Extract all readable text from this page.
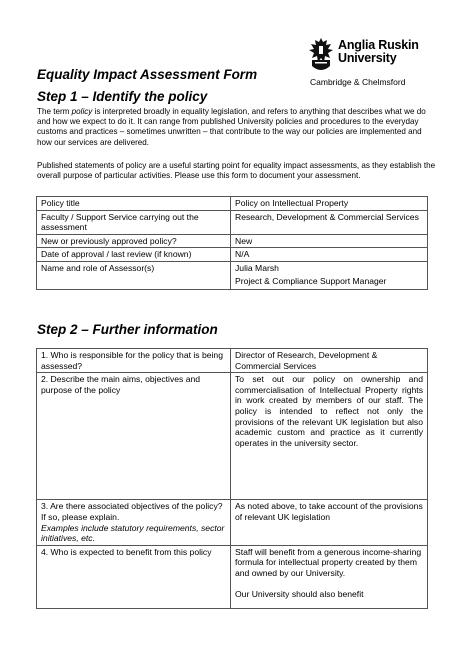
Anglia Ruskin
University
Cambridge & Chelmsford
Equality Impact Assessment Form
Step 1 – Identify the policy
The term policy is interpreted broadly in equality legislation, and refers to anything that describes what we do and how we expect to do it. It can range from published University policies and procedures to the everyday customs and practices – sometimes unwritten – that contribute to the way our policies are implemented and how our services are delivered.
Published statements of policy are a useful starting point for equality impact assessments, as they establish the overall purpose of particular activities. Please use this form to document your assessment.
Policy title	Policy on Intellectual Property
Faculty / Support Service carrying out the assessment	Research, Development & Commercial Services
New or previously approved policy?	New
Date of approval / last review (if known)	N/A
Name and role of Assessor(s)	Julia Marsh
Project & Compliance Support Manager
Step 2 – Further information
1. Who is responsible for the policy that is being assessed?	Director of Research, Development & Commercial Services
2. Describe the main aims, objectives and purpose of the policy	To set out our policy on ownership and commercialisation of Intellectual Property rights in work created by members of our staff. The policy is intended to reflect not only the provisions of the relevant UK legislation but also academic custom and practice as it currently operates in the university sector.

3. Are there associated objectives of the policy? If so, please explain.
Examples include statutory requirements, sector initiatives, etc.	As noted above, to take account of the provisions of relevant UK legislation
4. Who is expected to benefit from this policy	Staff will benefit from a generous income-sharing formula for intellectual property created by them and owned by our University.
Our University should also benefit
